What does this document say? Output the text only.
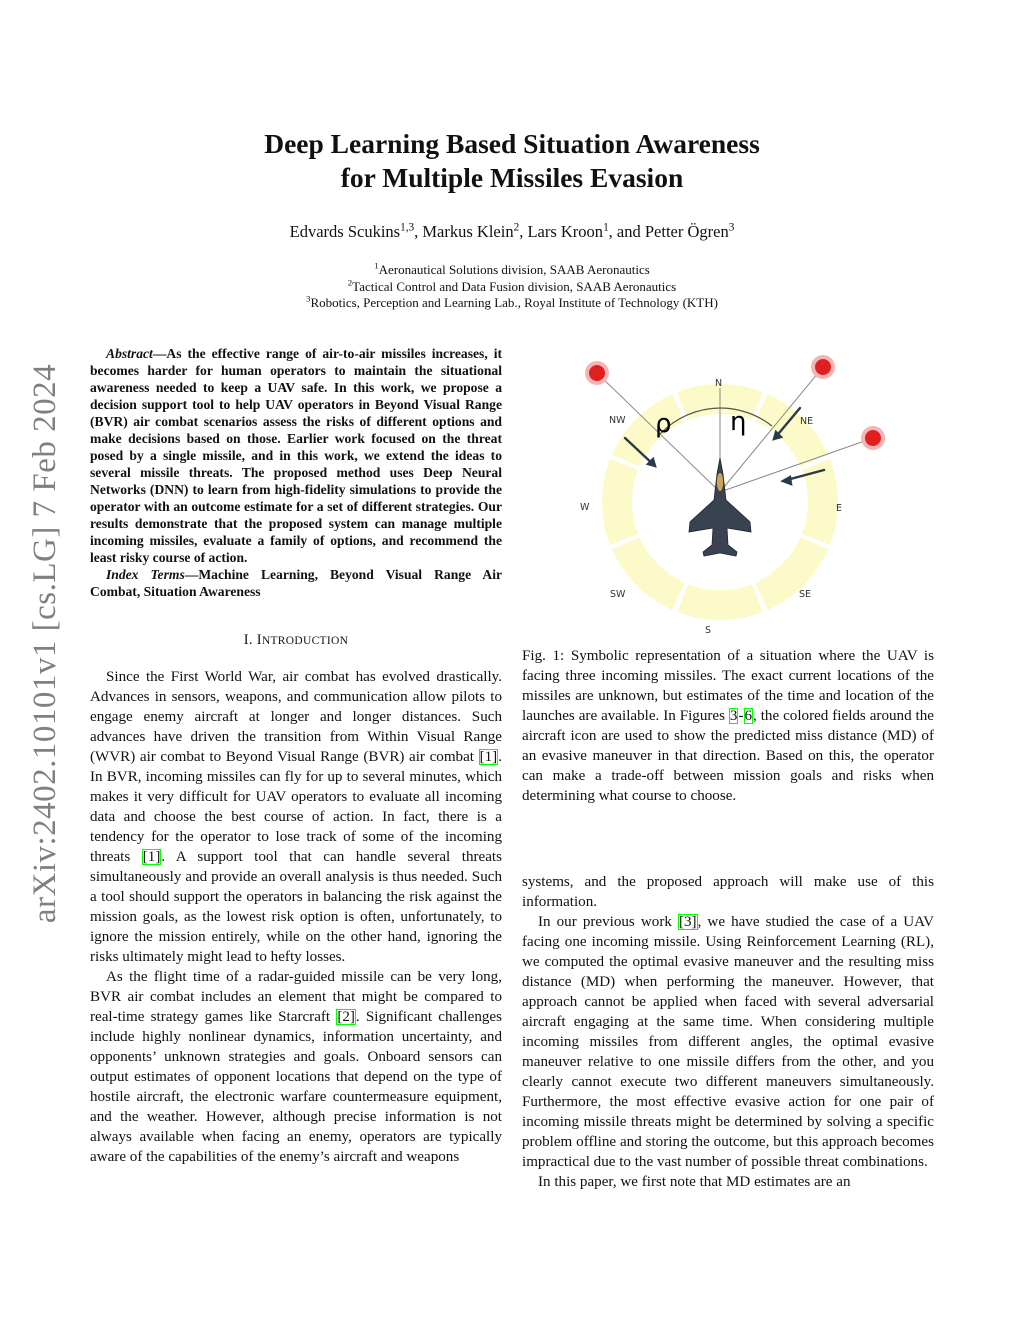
arXiv:2402.10101v1 [cs.LG] 7 Feb 2024
Deep Learning Based Situation Awareness
for Multiple Missiles Evasion
Edvards Scukins$^{1,3}$, Markus Klein$^2$, Lars Kroon$^1$, and Petter Ögren$^3$
$^1$Aeronautical Solutions division, SAAB Aeronautics
$^2$Tactical Control and Data Fusion division, SAAB Aeronautics
$^3$Robotics, Perception and Learning Lab., Royal Institute of Technology (KTH)

Abstract—As the effective range of air-to-air missiles increases, it becomes harder for human operators to maintain the situational awareness needed to keep a UAV safe. In this work, we propose a decision support tool to help UAV operators in Beyond Visual Range (BVR) air combat scenarios assess the risks of different options and make decisions based on those. Earlier work focused on the threat posed by a single missile, and in this work, we extend the ideas to several missile threats. The proposed method uses Deep Neural Networks (DNN) to learn from high-fidelity simulations to provide the operator with an outcome estimate for a set of different strategies. Our results demonstrate that the proposed system can manage multiple incoming missiles, evaluate a family of options, and recommend the least risky course of action.

Index Terms—Machine Learning, Beyond Visual Range Air Combat, Situation Awareness

I. INTRODUCTION

Since the First World War, air combat has evolved drastically. Advances in sensors, weapons, and communication allow pilots to engage enemy aircraft at longer and longer distances. Such advances have driven the transition from Within Visual Range (WVR) air combat to Beyond Visual Range (BVR) air combat [1]. In BVR, incoming missiles can fly for up to several minutes, which makes it very difficult for UAV operators to evaluate all incoming data and choose the best course of action. In fact, there is a tendency for the operator to lose track of some of the incoming threats [1]. A support tool that can handle several threats simultaneously and provide an overall analysis is thus needed. Such a tool should support the operators in balancing the risk against the mission goals, as the lowest risk option is often, unfortunately, to ignore the mission entirely, while on the other hand, ignoring the risks ultimately might lead to hefty losses.

As the flight time of a radar-guided missile can be very long, BVR air combat includes an element that might be compared to real-time strategy games like Starcraft [2]. Significant challenges include highly nonlinear dynamics, information uncertainty, and opponents’ unknown strategies and goals. Onboard sensors can output estimates of opponent locations that depend on the type of hostile aircraft, the electronic warfare countermeasure equipment, and the weather. However, although precise information is not always available when facing an enemy, operators are typically aware of the capabilities of the enemy’s aircraft and weapons

ρ η
N
NE
E
SE
S
SW
W
NW
Fig. 1: Symbolic representation of a situation where the UAV is facing three incoming missiles. The exact current locations of the missiles are unknown, but estimates of the time and location of the launches are available. In Figures 3-6, the colored fields around the aircraft icon are used to show the predicted miss distance (MD) of an evasive maneuver in that direction. Based on this, the operator can make a trade-off between mission goals and risks when determining what course to choose.

systems, and the proposed approach will make use of this information.

In our previous work [3], we have studied the case of a UAV facing one incoming missile. Using Reinforcement Learning (RL), we computed the optimal evasive maneuver and the resulting miss distance (MD) when performing the maneuver. However, that approach cannot be applied when faced with several adversarial aircraft engaging at the same time. When considering multiple incoming missiles from different angles, the optimal evasive maneuver relative to one missile differs from the other, and you clearly cannot execute two different maneuvers simultaneously. Furthermore, the most effective evasive action for one pair of incoming missile threats might be determined by solving a specific problem offline and storing the outcome, but this approach becomes impractical due to the vast number of possible threat combinations.

In this paper, we first note that MD estimates are an
